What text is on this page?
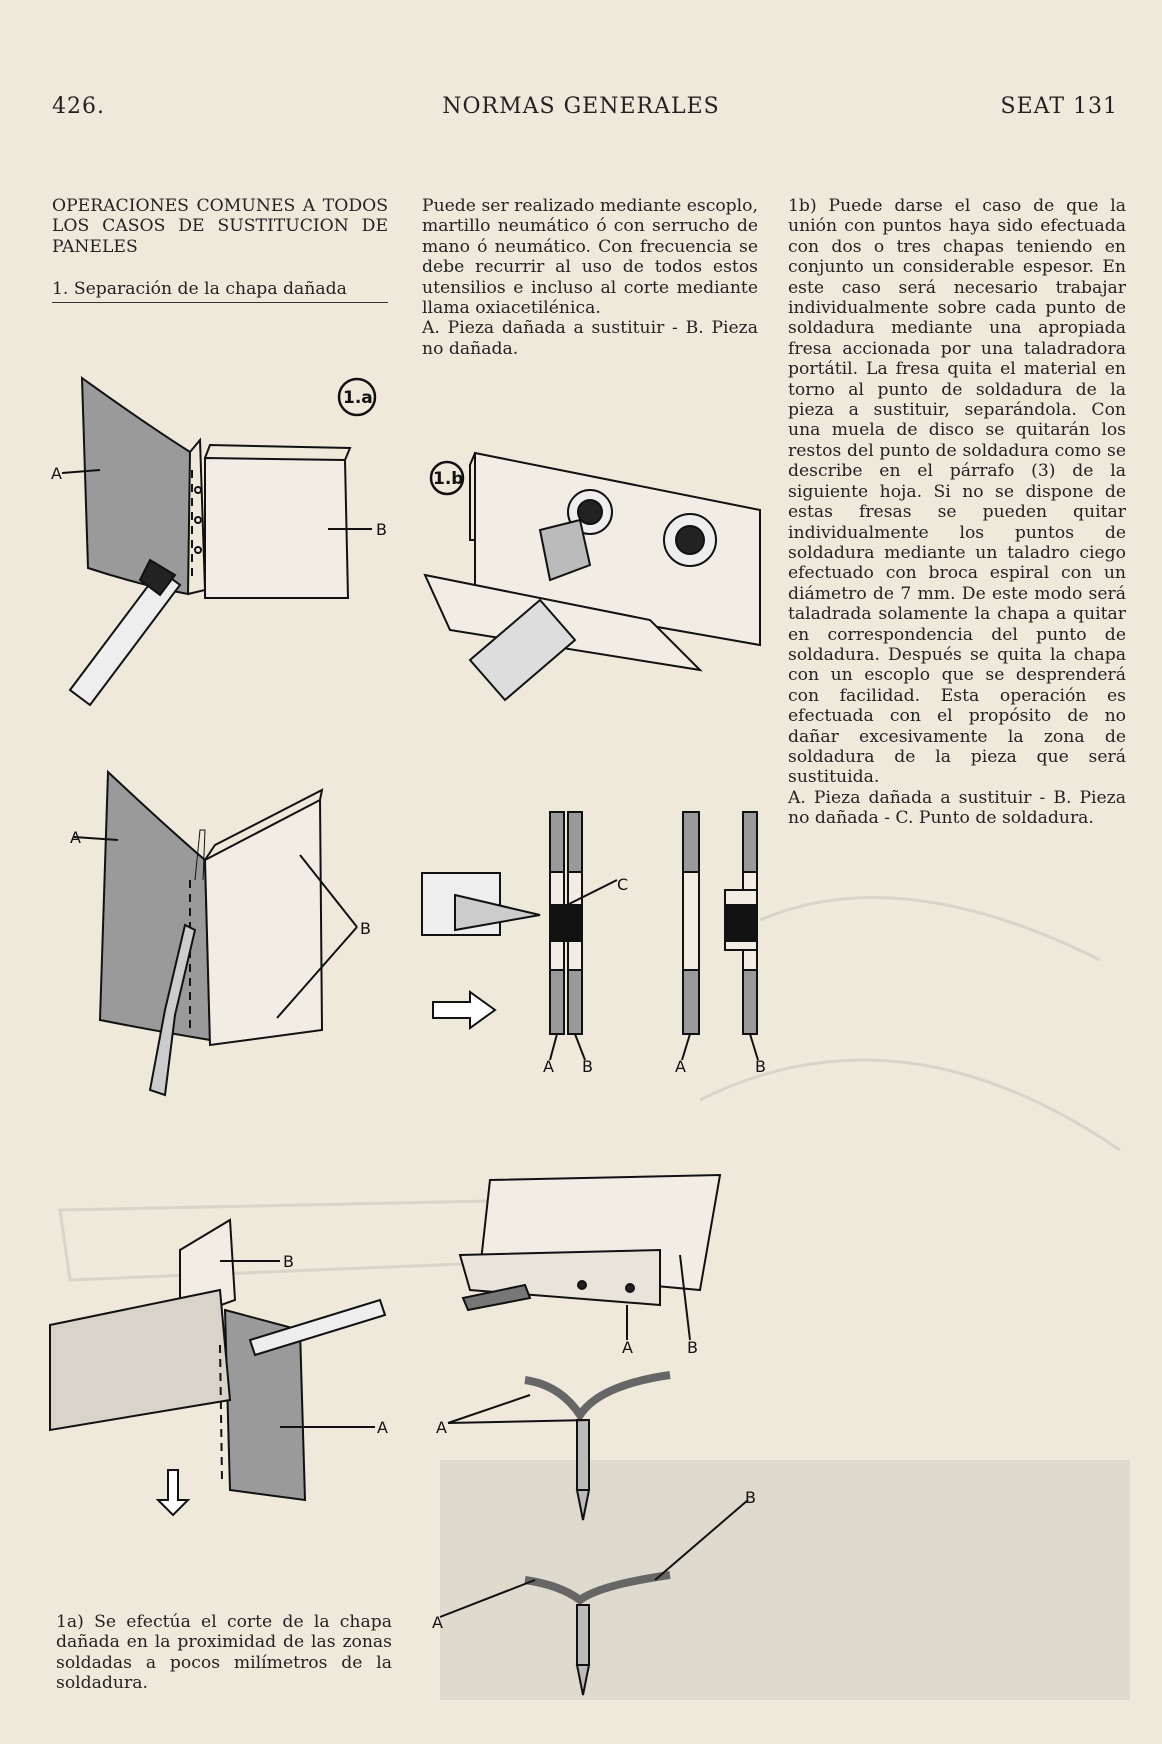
426.	NORMAS GENERALES	SEAT 131

OPERACIONES COMUNES A TODOS LOS CASOS DE SUSTITUCION DE PANELES

1. Separación de la chapa dañada

Puede ser realizado mediante escoplo, martillo neumático ó con serrucho de mano ó neumático. Con frecuencia se debe recurrir al uso de todos estos utensilios e incluso al corte mediante llama oxiacetilénica.

A. Pieza dañada a sustituir - B. Pieza no dañada.

1b) Puede darse el caso de que la unión con puntos haya sido efectuada con dos o tres chapas teniendo en conjunto un considerable espesor. En este caso será necesario trabajar individualmente sobre cada punto de soldadura mediante una apropiada fresa accionada por una taladradora portátil. La fresa quita el material en torno al punto de soldadura de la pieza a sustituir, separándola. Con una muela de disco se quitarán los restos del punto de soldadura como se describe en el párrafo (3) de la siguiente hoja. Si no se dispone de estas fresas se pueden quitar individualmente los puntos de soldadura mediante un taladro ciego efectuado con broca espiral con un diámetro de 7 mm. De este modo será taladrada solamente la chapa a quitar en correspondencia del punto de soldadura. Después se quita la chapa con un escoplo que se desprenderá con facilidad. Esta operación es efectuada con el propósito de no dañar excesivamente la zona de soldadura de la pieza que será sustituida.

A. Pieza dañada a sustituir - B. Pieza no dañada - C. Punto de soldadura.

1a) Se efectúa el corte de la chapa dañada en la proximidad de las zonas soldadas a pocos milímetros de la soldadura.
1.a
A
B
A
B
1.b
C
A B	A	B
B
A
A	B
A
B
A
